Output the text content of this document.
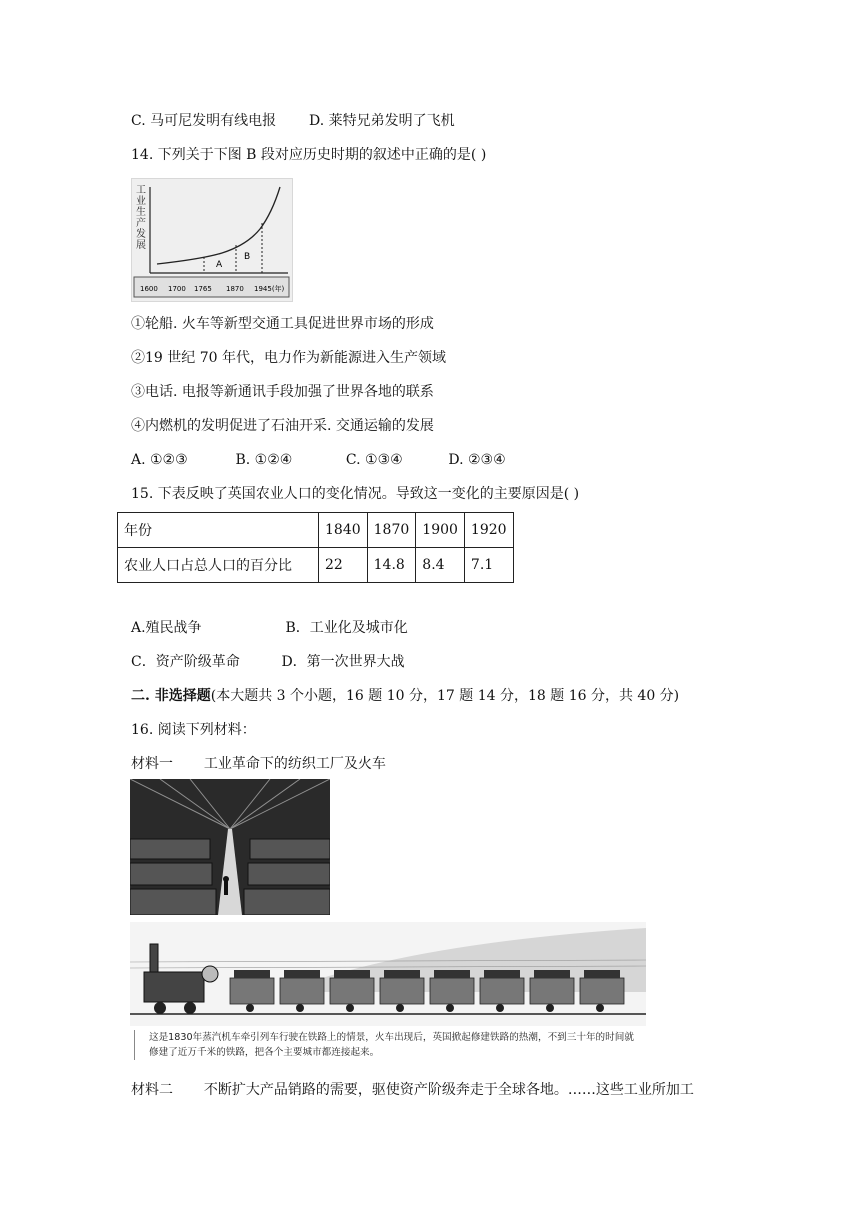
C. 马可尼发明有线电报 D. 莱特兄弟发明了飞机
14. 下列关于下图 B 段对应历史时期的叙述中正确的是( )
工业生产发展
A
B
1600 1700 1765 1870 1945(年)
①轮船. 火车等新型交通工具促进世界市场的形成
②19 世纪 70 年代，电力作为新能源进入生产领域
③电话. 电报等新通讯手段加强了世界各地的联系
④内燃机的发明促进了石油开采. 交通运输的发展
A. ①②③	B. ①②④	C. ①③④	D. ②③④
15. 下表反映了英国农业人口的变化情况。导致这一变化的主要原因是( )
年份	1840	1870	1900	1920
农业人口占总人口的百分比	22	14.8	8.4	7.1
A.殖民战争	B．工业化及城市化
C．资产阶级革命	D．第一次世界大战
二. 非选择题(本大题共 3 个小题，16 题 10 分，17 题 14 分，18 题 16 分，共 40 分)
16. 阅读下列材料：
材料一 工业革命下的纺织工厂及火车
这是1830年蒸汽机车牵引列车行驶在铁路上的情景，火车出现后，英国掀起修建铁路的热潮，不到三十年的时间就
修建了近万千米的铁路，把各个主要城市都连接起来。
材料二 不断扩大产品销路的需要，驱使资产阶级奔走于全球各地。……这些工业所加工
